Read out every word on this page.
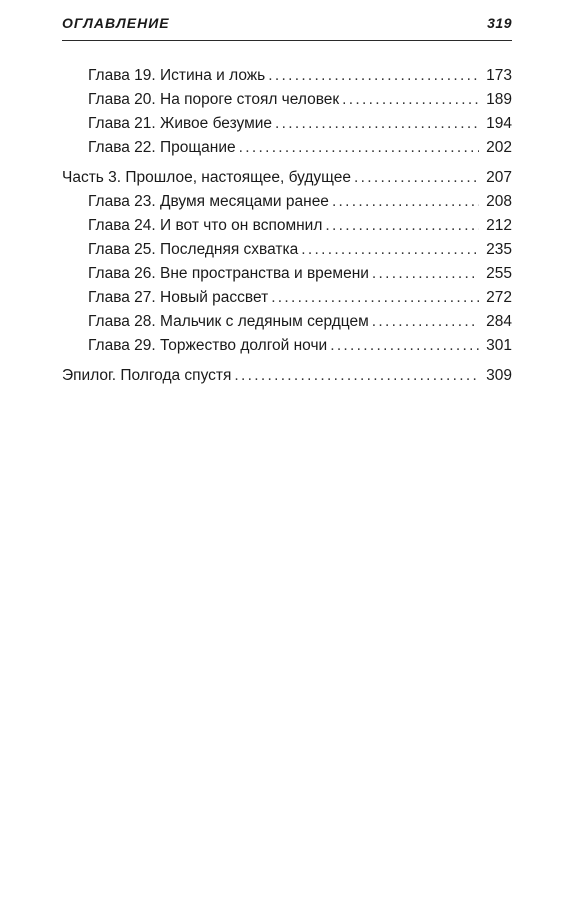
ОГЛАВЛЕНИЕ	319
Глава 19. Истина и ложь . . .	173
Глава 20. На пороге стоял человек . . .	189
Глава 21. Живое безумие . . .	194
Глава 22. Прощание . . .	202
Часть 3. Прошлое, настоящее, будущее . . .	207
Глава 23. Двумя месяцами ранее . . .	208
Глава 24. И вот что он вспомнил . . .	212
Глава 25. Последняя схватка . . .	235
Глава 26. Вне пространства и времени . . .	255
Глава 27. Новый рассвет . . .	272
Глава 28. Мальчик с ледяным сердцем . . .	284
Глава 29. Торжество долгой ночи . . .	301
Эпилог. Полгода спустя . . .	309
